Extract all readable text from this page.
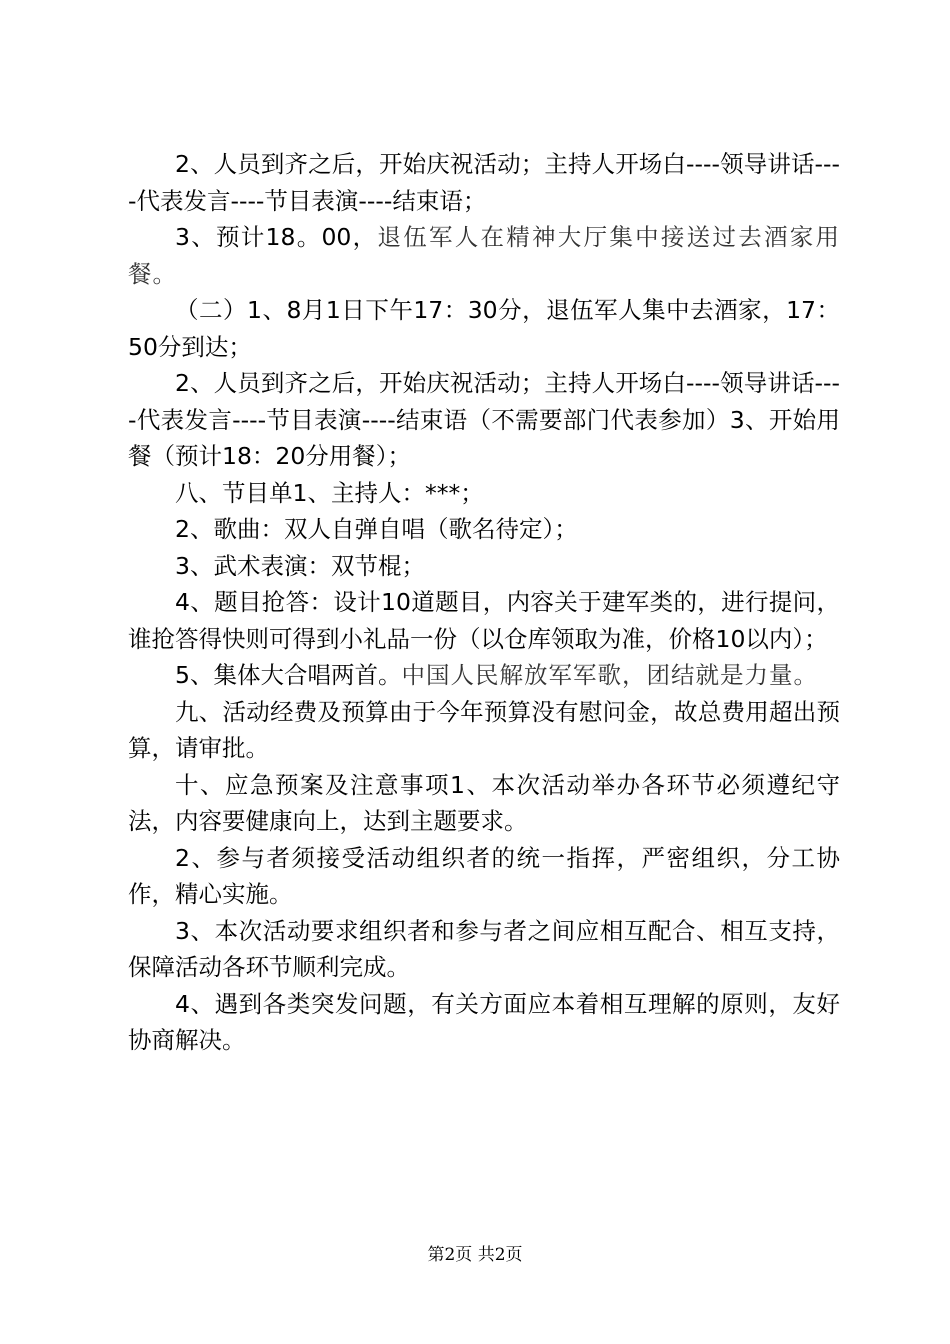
2、人员到齐之后，开始庆祝活动；主持人开场白----领导讲话----代表发言----节目表演----结束语；

3、预计18。00，退伍军人在精神大厅集中接送过去酒家用餐。

（二）1、8月1日下午17：30分，退伍军人集中去酒家，17：50分到达；

2、人员到齐之后，开始庆祝活动；主持人开场白----领导讲话----代表发言----节目表演----结束语（不需要部门代表参加）3、开始用餐（预计18：20分用餐）；

八、节目单1、主持人：***；

2、歌曲：双人自弹自唱（歌名待定）；

3、武术表演：双节棍；

4、题目抢答：设计10道题目，内容关于建军类的，进行提问，谁抢答得快则可得到小礼品一份（以仓库领取为准，价格10以内）；

5、集体大合唱两首。中国人民解放军军歌，团结就是力量。

九、活动经费及预算由于今年预算没有慰问金，故总费用超出预算，请审批。

十、应急预案及注意事项1、本次活动举办各环节必须遵纪守法，内容要健康向上，达到主题要求。

2、参与者须接受活动组织者的统一指挥，严密组织，分工协作，精心实施。

3、本次活动要求组织者和参与者之间应相互配合、相互支持，保障活动各环节顺利完成。

4、遇到各类突发问题，有关方面应本着相互理解的原则，友好协商解决。

第2页 共2页
